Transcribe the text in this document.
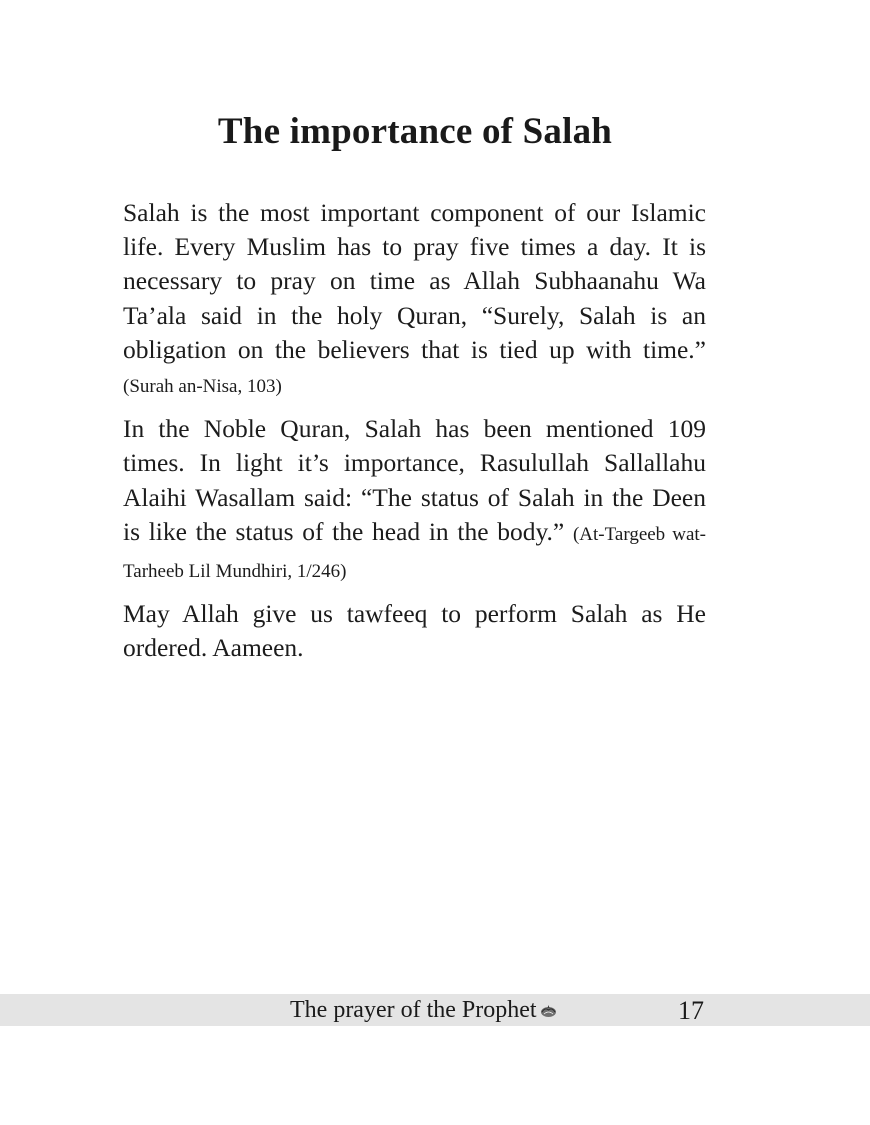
The importance of Salah

Salah is the most important component of our Islamic life. Every Muslim has to pray five times a day. It is necessary to pray on time as Allah Subhaanahu Wa Ta’ala said in the holy Quran, “Surely, Salah is an obligation on the believers that is tied up with time.” (Surah an-Nisa, 103)

In the Noble Quran, Salah has been mentioned 109 times. In light it’s importance, Rasulullah Sallallahu Alaihi Wasallam said: “The status of Salah in the Deen is like the status of the head in the body.” (At-Targeeb wat-Tarheeb Lil Mundhiri, 1/246)

May Allah give us tawfeeq to perform Salah as He ordered. Aameen.

The prayer of the Prophet	17
